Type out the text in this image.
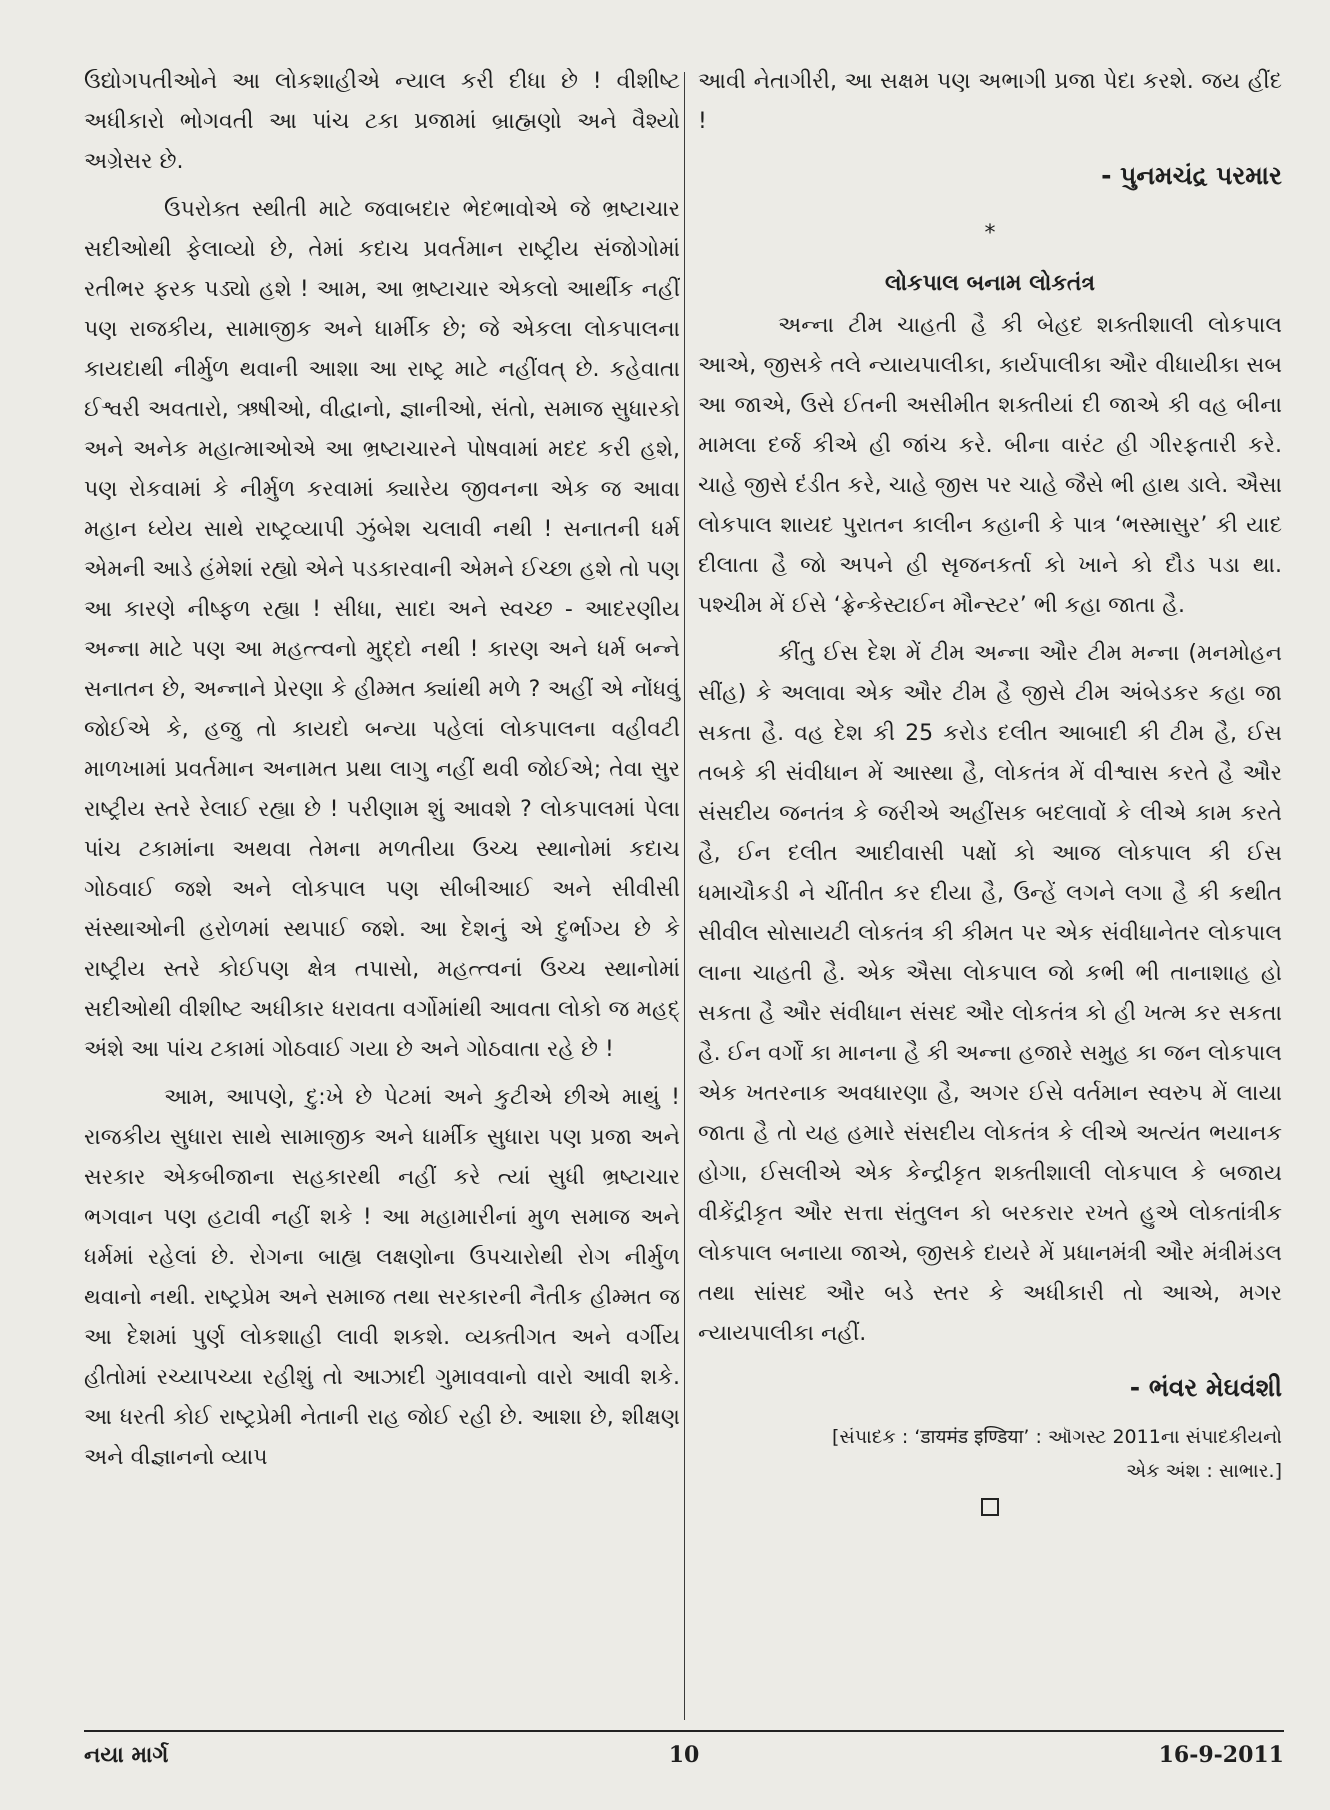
ઉદ્યોગપતીઓને આ લોકશાહીએ ન્યાલ કરી દીધા છે ! વીશીષ્ટ અધીકારો ભોગવતી આ પાંચ ટકા પ્રજામાં બ્રાહ્મણો અને વૈશ્યો અગ્રેસર છે.

ઉપરોક્ત સ્થીતી માટે જવાબદાર ભેદભાવોએ જે ભ્રષ્ટાચાર સદીઓથી ફેલાવ્યો છે, તેમાં કદાચ પ્રવર્તમાન રાષ્ટ્રીય સંજોગોમાં રતીભર ફરક પડ્યો હશે ! આમ, આ ભ્રષ્ટાચાર એકલો આર્થીક નહીં પણ રાજકીય, સામાજીક અને ધાર્મીક છે; જે એકલા લોકપાલના કાયદાથી નીર્મુળ થવાની આશા આ રાષ્ટ્ર માટે નહીંવત્ છે. કહેવાતા ઈશ્વરી અવતારો, ઋષીઓ, વીદ્વાનો, જ્ઞાનીઓ, સંતો, સમાજ સુધારકો અને અનેક મહાત્માઓએ આ ભ્રષ્ટાચારને પોષવામાં મદદ કરી હશે, પણ રોકવામાં કે નીર્મુળ કરવામાં ક્યારેય જીવનના એક જ આવા મહાન ધ્યેય સાથે રાષ્ટ્રવ્યાપી ઝુંબેશ ચલાવી નથી ! સનાતની ધર્મ એમની આડે હંમેશાં રહ્યો એને પડકારવાની એમને ઈચ્છા હશે તો પણ આ કારણે નીષ્ફળ રહ્યા ! સીધા, સાદા અને સ્વચ્છ - આદરણીય અન્ના માટે પણ આ મહત્ત્વનો મુદ્દો નથી ! કારણ અને ધર્મ બન્ને સનાતન છે, અન્નાને પ્રેરણા કે હીમ્મત ક્યાંથી મળે ? અહીં એ નોંધવું જોઈએ કે, હજુ તો કાયદો બન્યા પહેલાં લોકપાલના વહીવટી માળખામાં પ્રવર્તમાન અનામત પ્રથા લાગુ નહીં થવી જોઈએ; તેવા સુર રાષ્ટ્રીય સ્તરે રેલાઈ રહ્યા છે ! પરીણામ શું આવશે ? લોકપાલમાં પેલા પાંચ ટકામાંના અથવા તેમના મળતીયા ઉચ્ચ સ્થાનોમાં કદાચ ગોઠવાઈ જશે અને લોકપાલ પણ સીબીઆઈ અને સીવીસી સંસ્થાઓની હરોળમાં સ્થપાઈ જશે. આ દેશનું એ દુર્ભાગ્ય છે કે રાષ્ટ્રીય સ્તરે કોઈપણ ક્ષેત્ર તપાસો, મહત્ત્વનાં ઉચ્ચ સ્થાનોમાં સદીઓથી વીશીષ્ટ અધીકાર ધરાવતા વર્ગોમાંથી આવતા લોકો જ મહદ્ અંશે આ પાંચ ટકામાં ગોઠવાઈ ગયા છે અને ગોઠવાતા રહે છે !

આમ, આપણે, દુ:ખે છે પેટમાં અને કુટીએ છીએ માથું ! રાજકીય સુધારા સાથે સામાજીક અને ધાર્મીક સુધારા પણ પ્રજા અને સરકાર એકબીજાના સહકારથી નહીં કરે ત્યાં સુધી ભ્રષ્ટાચાર ભગવાન પણ હટાવી નહીં શકે ! આ મહામારીનાં મુળ સમાજ અને ધર્મમાં રહેલાં છે. રોગના બાહ્ય લક્ષણોના ઉપચારોથી રોગ નીર્મુળ થવાનો નથી. રાષ્ટ્રપ્રેમ અને સમાજ તથા સરકારની નૈતીક હીમ્મત જ આ દેશમાં પુર્ણ લોકશાહી લાવી શકશે. વ્યક્તીગત અને વર્ગીય હીતોમાં રચ્યાપચ્યા રહીશું તો આઝાદી ગુમાવવાનો વારો આવી શકે. આ ધરતી કોઈ રાષ્ટ્રપ્રેમી નેતાની રાહ જોઈ રહી છે. આશા છે, શીક્ષણ અને વીજ્ઞાનનો વ્યાપ

આવી નેતાગીરી, આ સક્ષમ પણ અભાગી પ્રજા પેદા કરશે. જય હીંદ !

- પુનમચંદ્ર પરમાર
*
લોકપાલ બનામ લોકતંત્ર

અન્ના ટીમ ચાહતી હૈ કી બેહદ શક્તીશાલી લોકપાલ આએ, જીસકે તલે ન્યાયપાલીકા, કાર્યપાલીકા ઔર વીધાયીકા સબ આ જાએ, ઉસે ઈતની અસીમીત શક્તીયાં દી જાએ કી વહ બીના મામલા દર્જ કીએ હી જાંચ કરે. બીના વારંટ હી ગીરફતારી કરે. ચાહે જીસે દંડીત કરે, ચાહે જીસ પર ચાહે જૈસે ભી હાથ ડાલે. ઐસા લોકપાલ શાયદ પુરાતન કાલીન કહાની કે પાત્ર ‘ભસ્માસુર’ કી યાદ દીલાતા હૈ જો અપને હી સૃજનકર્તા કો ખાને કો દૌડ પડા થા. પશ્ચીમ મેં ઈસે ‘ફ્રેન્કેસ્ટાઈન મૌન્સ્ટર’ ભી કહા જાતા હૈ.

કીંતુ ઈસ દેશ મેં ટીમ અન્ના ઔર ટીમ મન્ના (મનમોહન સીંહ) કે અલાવા એક ઔર ટીમ હૈ જીસે ટીમ અંબેડકર કહા જા સકતા હૈ. વહ દેશ કી 25 કરોડ દલીત આબાદી કી ટીમ હૈ, ઈસ તબકે કી સંવીધાન મેં આસ્થા હૈ, લોકતંત્ર મેં વીશ્વાસ કરતે હૈ ઔર સંસદીય જનતંત્ર કે જરીએ અહીંસક બદલાવોં કે લીએ કામ કરતે હૈ, ઈન દલીત આદીવાસી પક્ષોં કો આજ લોકપાલ કી ઈસ ધમાચૌકડી ને ચીંતીત કર દીયા હૈ, ઉન્હેં લગને લગા હૈ કી કથીત સીવીલ સોસાયટી લોકતંત્ર કી કીમત પર એક સંવીધાનેતર લોકપાલ લાના ચાહતી હૈ. એક ઐસા લોકપાલ જો કભી ભી તાનાશાહ હો સકતા હૈ ઔર સંવીધાન સંસદ ઔર લોકતંત્ર કો હી ખત્મ કર સકતા હૈ. ઈન વર્ગોં કા માનના હૈ કી અન્ના હજારે સમુહ કા જન લોકપાલ એક ખતરનાક અવધારણા હૈ, અગર ઈસે વર્તમાન સ્વરુપ મેં લાયા જાતા હૈ તો યહ હમારે સંસદીય લોકતંત્ર કે લીએ અત્યંત ભયાનક હોગા, ઈસલીએ એક કેન્દ્રીકૃત શક્તીશાલી લોકપાલ કે બજાય વીકેંદ્રીકૃત ઔર સત્તા સંતુલન કો બરકરાર રખતે હુએ લોકતાંત્રીક લોકપાલ બનાયા જાએ, જીસકે દાયરે મેં પ્રધાનમંત્રી ઔર મંત્રીમંડલ તથા સાંસદ ઔર બડે સ્તર કે અધીકારી તો આએ, મગર ન્યાયપાલીકા નહીં.

- ભંવર મેઘવંશી
[સંપાદક : ‘डायमंड इण्डिया’ : ઑગસ્ટ 2011ના સંપાદકીયનો
એક અંશ : સાભાર.]
નયા માર્ગ	10	16-9-2011
